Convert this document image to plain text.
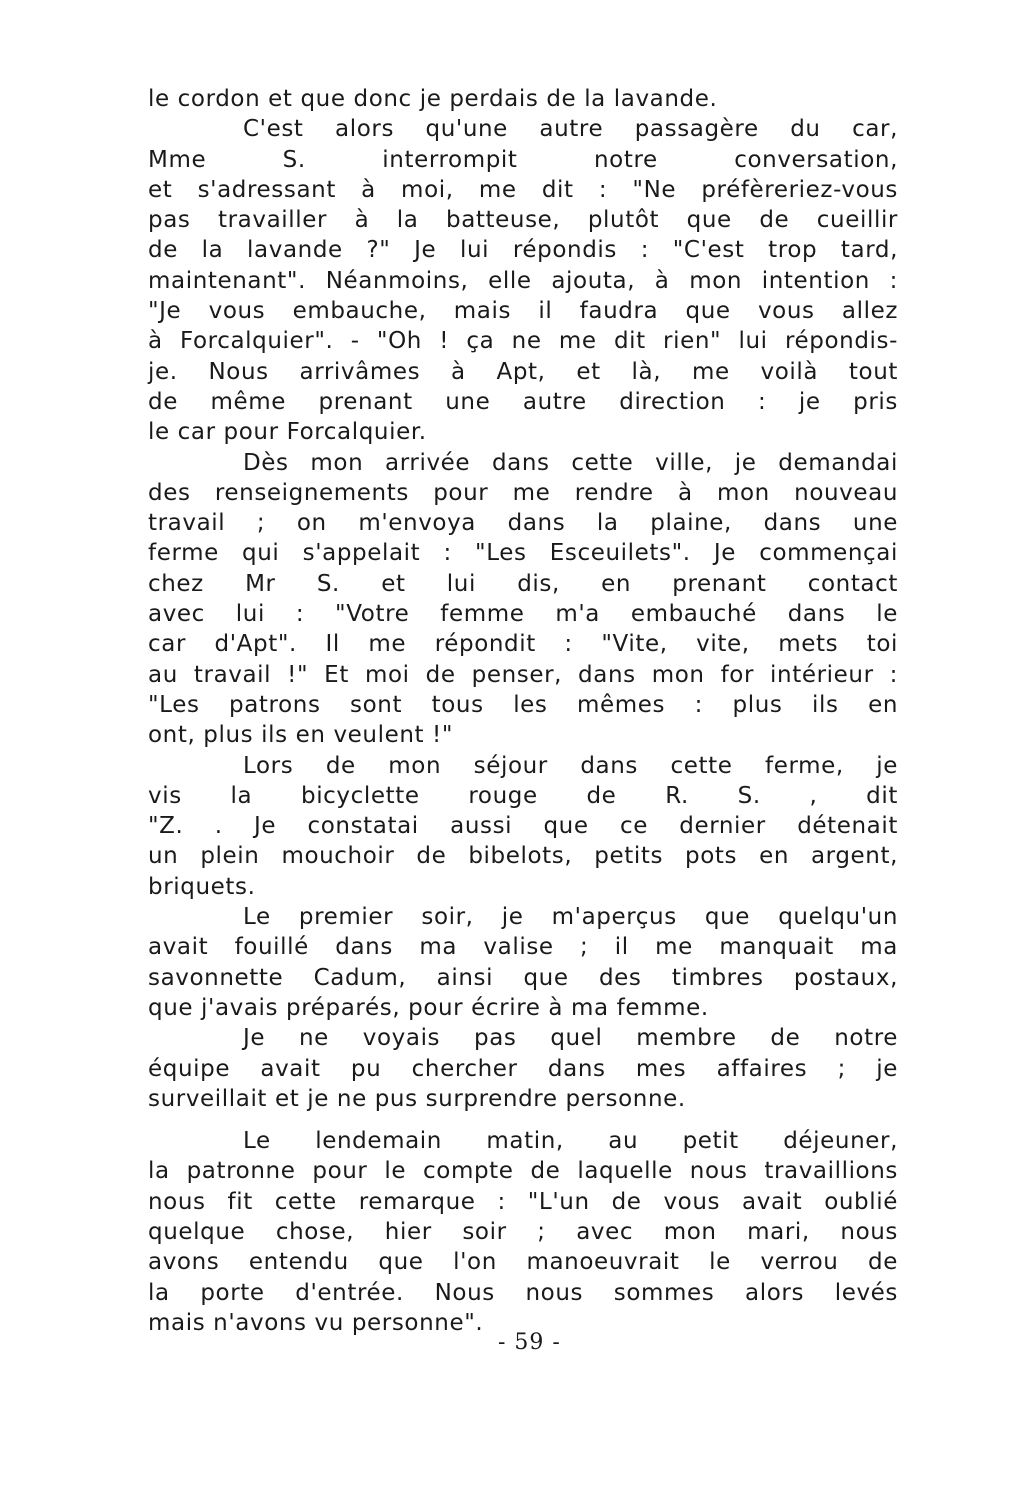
le cordon et que donc je perdais de la lavande.
C'est alors qu'une autre passagère du car,
Mme S. interrompit notre conversation,
et s'adressant à moi, me dit : "Ne préfèreriez-vous
pas travailler à la batteuse, plutôt que de cueillir
de la lavande ?" Je lui répondis : "C'est trop tard,
maintenant". Néanmoins, elle ajouta, à mon intention :
"Je vous embauche, mais il faudra que vous allez
à Forcalquier". - "Oh ! ça ne me dit rien" lui répondis-
je. Nous arrivâmes à Apt, et là, me voilà tout
de même prenant une autre direction : je pris
le car pour Forcalquier.
Dès mon arrivée dans cette ville, je demandai
des renseignements pour me rendre à mon nouveau
travail ; on m'envoya dans la plaine, dans une
ferme qui s'appelait : "Les Esceuilets". Je commençai
chez Mr S. et lui dis, en prenant contact
avec lui : "Votre femme m'a embauché dans le
car d'Apt". Il me répondit : "Vite, vite, mets toi
au travail !" Et moi de penser, dans mon for intérieur :
"Les patrons sont tous les mêmes : plus ils en
ont, plus ils en veulent !"
Lors de mon séjour dans cette ferme, je
vis la bicyclette rouge de R. S. , dit
"Z. . Je constatai aussi que ce dernier détenait
un plein mouchoir de bibelots, petits pots en argent,
briquets.
Le premier soir, je m'aperçus que quelqu'un
avait fouillé dans ma valise ; il me manquait ma
savonnette Cadum, ainsi que des timbres postaux,
que j'avais préparés, pour écrire à ma femme.
Je ne voyais pas quel membre de notre
équipe avait pu chercher dans mes affaires ; je
surveillait et je ne pus surprendre personne.
Le lendemain matin, au petit déjeuner,
la patronne pour le compte de laquelle nous travaillions
nous fit cette remarque : "L'un de vous avait oublié
quelque chose, hier soir ; avec mon mari, nous
avons entendu que l'on manoeuvrait le verrou de
la porte d'entrée. Nous nous sommes alors levés
mais n'avons vu personne".
- 59 -
